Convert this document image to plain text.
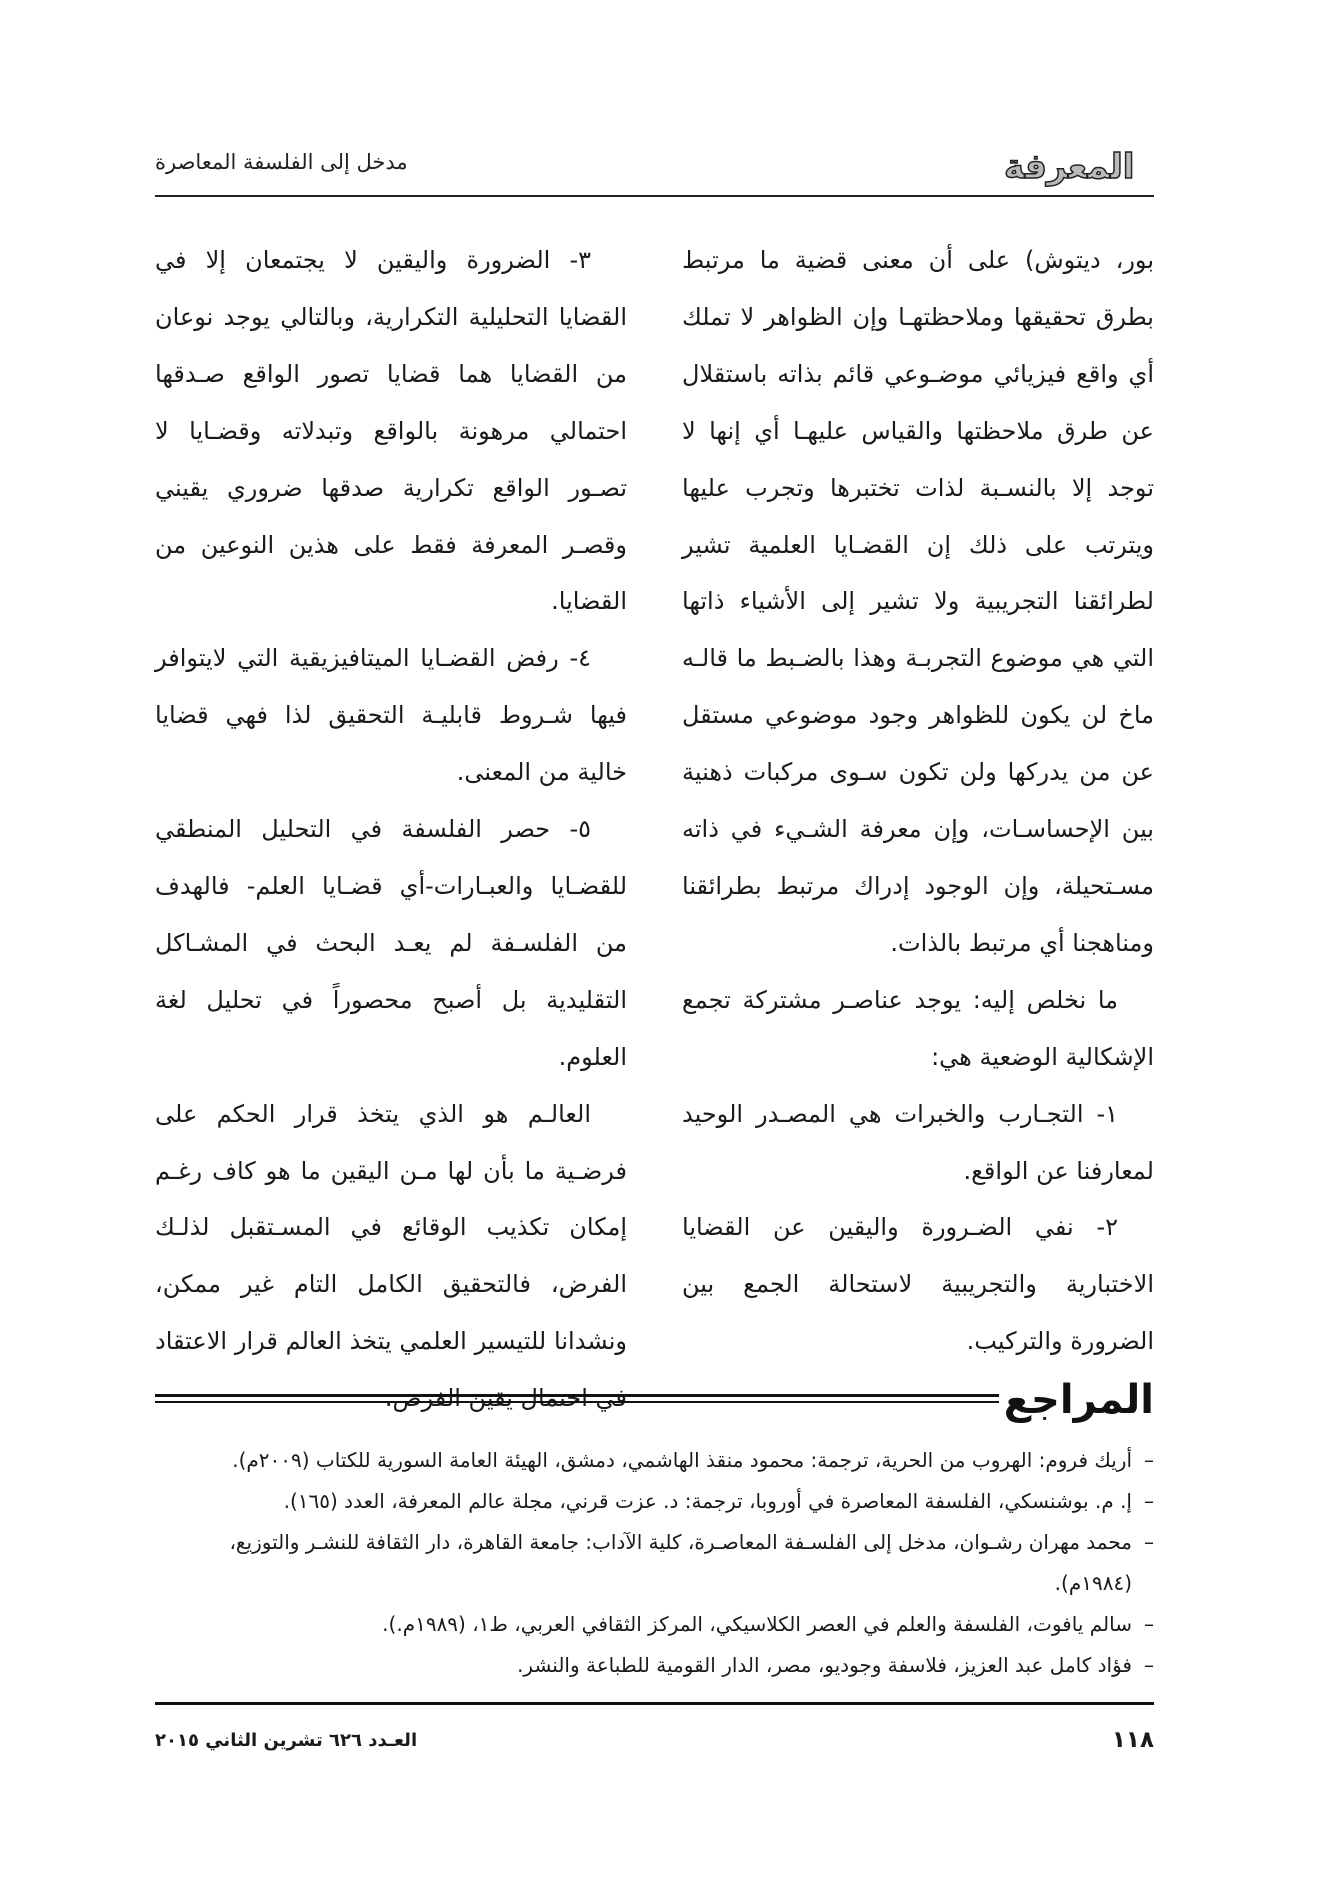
المعرفة
مدخل إلى الفلسفة المعاصرة

بور، ديتوش) على أن معنى قضية ما مرتبط بطرق تحقيقها وملاحظتهـا وإن الظواهر لا تملك أي واقع فيزيائي موضـوعي قائم بذاته باستقلال عن طرق ملاحظتها والقياس عليهـا أي إنها لا توجد إلا بالنسـبة لذات تختبرها وتجرب عليها ويترتب على ذلك إن القضـايا العلمية تشير لطرائقنا التجريبية ولا تشير إلى الأشياء ذاتها التي هي موضوع التجربـة وهذا بالضـبط ما قالـه ماخ لن يكون للظواهر وجود موضوعي مستقل عن من يدركها ولن تكون سـوى مركبات ذهنية بين الإحساسـات، وإن معرفة الشـيء في ذاته مسـتحيلة، وإن الوجود إدراك مرتبط بطرائقنا ومناهجنا أي مرتبط بالذات.

ما نخلص إليه: يوجد عناصـر مشتركة تجمع الإشكالية الوضعية هي:

١- التجـارب والخبرات هي المصـدر الوحيد لمعارفنا عن الواقع.

٢- نفي الضـرورة واليقين عن القضايا الاختبارية والتجريبية لاستحالة الجمع بين الضرورة والتركيب.

٣- الضرورة واليقين لا يجتمعان إلا في القضايا التحليلية التكرارية، وبالتالي يوجد نوعان من القضايا هما قضايا تصور الواقع صـدقها احتمالي مرهونة بالواقع وتبدلاته وقضـايا لا تصـور الواقع تكرارية صدقها ضروري يقيني وقصـر المعرفة فقط على هذين النوعين من القضايا.

٤- رفض القضـايا الميتافيزيقية التي لايتوافر فيها شـروط قابليـة التحقيق لذا فهي قضايا خالية من المعنى.

٥- حصر الفلسفة في التحليل المنطقي للقضـايا والعبـارات-أي قضـايا العلم- فالهدف من الفلسـفة لم يعـد البحث في المشـاكل التقليدية بل أصبح محصوراً في تحليل لغة العلوم.

العالـم هو الذي يتخذ قرار الحكم على فرضـية ما بأن لها مـن اليقين ما هو كاف رغـم إمكان تكذيب الوقائع في المسـتقبل لذلـك الفرض، فالتحقيق الكامل التام غير ممكن، ونشدانا للتيسير العلمي يتخذ العالم قرار الاعتقاد في احتمال يقين الفرض.	المراجع
– أريك فروم: الهروب من الحرية، ترجمة: محمود منقذ الهاشمي، دمشق، الهيئة العامة السورية للكتاب (٢٠٠٩م).
– إ. م. بوشنسكي، الفلسفة المعاصرة في أوروبا، ترجمة: د. عزت قرني، مجلة عالم المعرفة، العدد (١٦٥).
– محمد مهران رشـوان، مدخل إلى الفلسـفة المعاصـرة، كلية الآداب: جامعة القاهرة، دار الثقافة للنشـر والتوزيع، (١٩٨٤م).
– سالم يافوت، الفلسفة والعلم في العصر الكلاسيكي، المركز الثقافي العربي، ط١، (١٩٨٩م.).
– فؤاد كامل عبد العزيز، فلاسفة وجوديو، مصر، الدار القومية للطباعة والنشر.
١١٨
العـدد ٦٢٦ تشرين الثاني ٢٠١٥
